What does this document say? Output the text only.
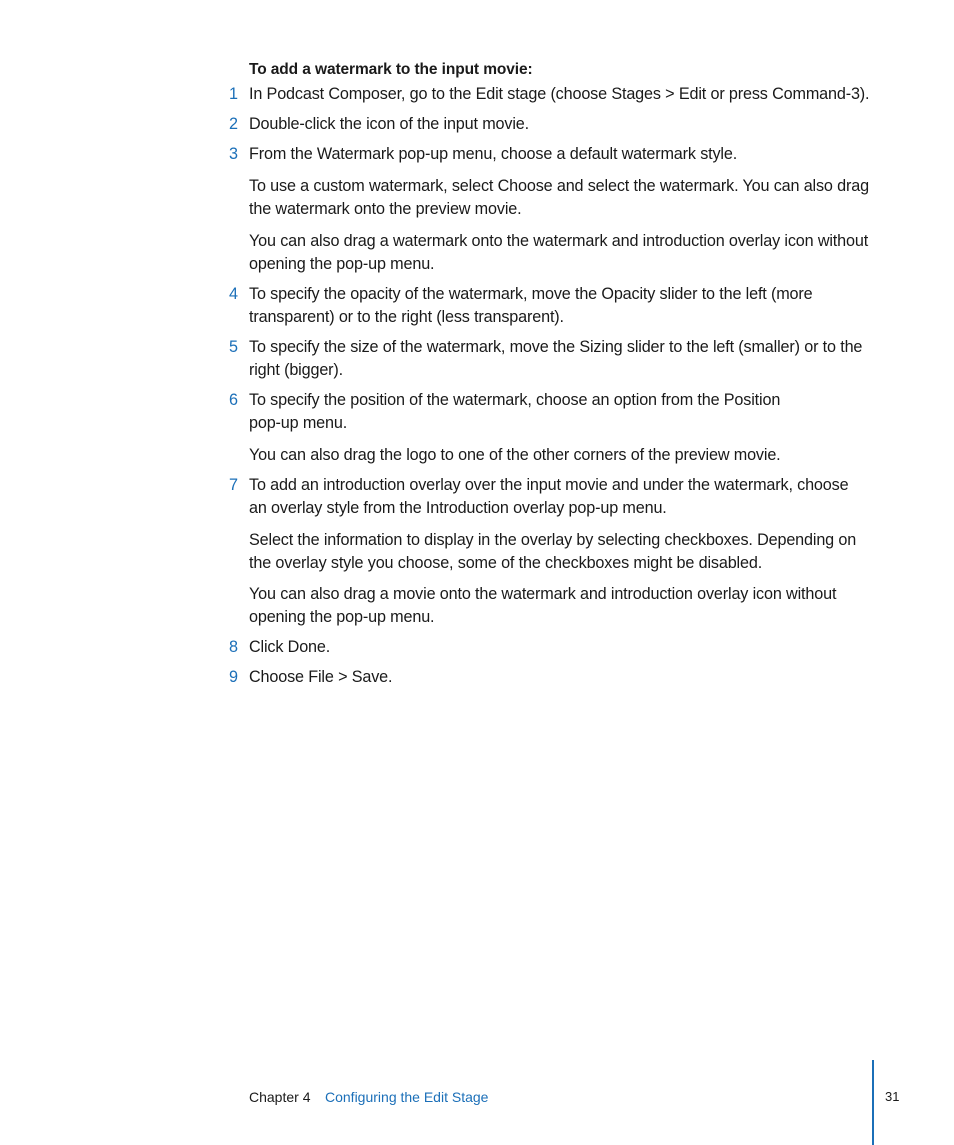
To add a watermark to the input movie:
1 In Podcast Composer, go to the Edit stage (choose Stages > Edit or press Command-3).
2 Double-click the icon of the input movie.
3 From the Watermark pop-up menu, choose a default watermark style.
To use a custom watermark, select Choose and select the watermark. You can also drag the watermark onto the preview movie.
You can also drag a watermark onto the watermark and introduction overlay icon without opening the pop-up menu.
4 To specify the opacity of the watermark, move the Opacity slider to the left (more transparent) or to the right (less transparent).
5 To specify the size of the watermark, move the Sizing slider to the left (smaller) or to the right (bigger).
6 To specify the position of the watermark, choose an option from the Position pop-up menu.
You can also drag the logo to one of the other corners of the preview movie.
7 To add an introduction overlay over the input movie and under the watermark, choose an overlay style from the Introduction overlay pop-up menu.
Select the information to display in the overlay by selecting checkboxes. Depending on the overlay style you choose, some of the checkboxes might be disabled.
You can also drag a movie onto the watermark and introduction overlay icon without opening the pop-up menu.
8 Click Done.
9 Choose File > Save.
Chapter 4 Configuring the Edit Stage	31
